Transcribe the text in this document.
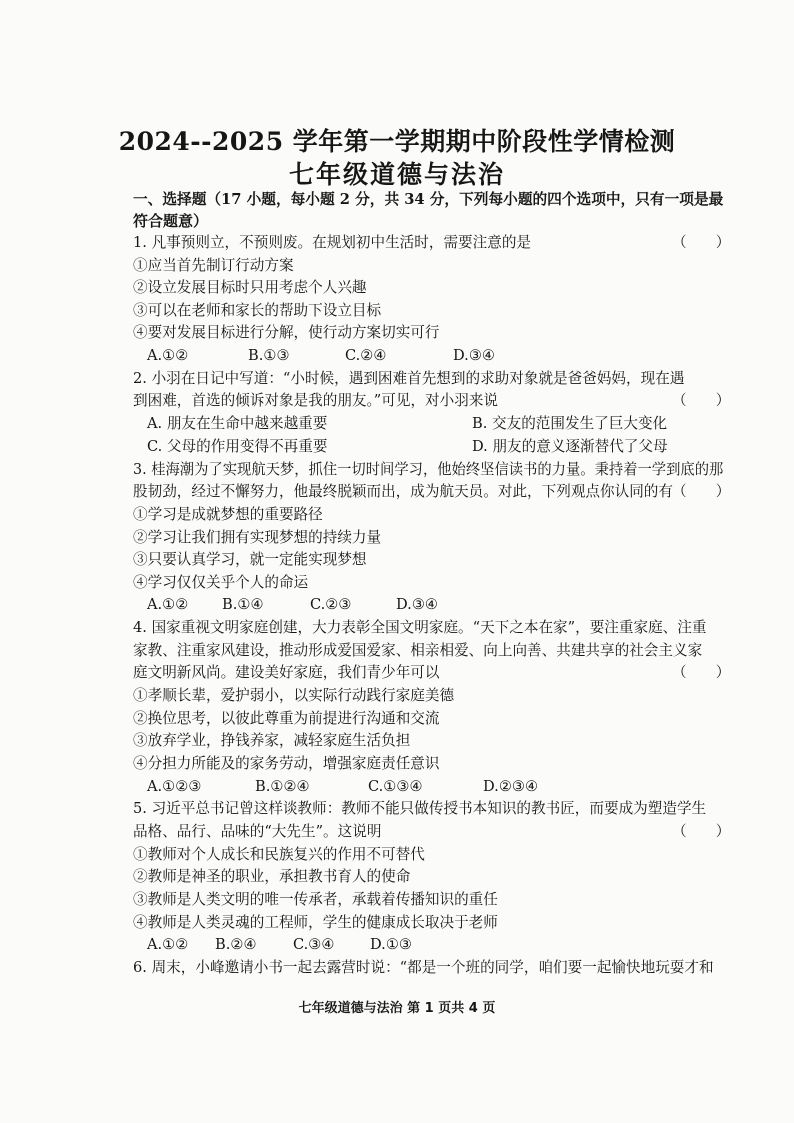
2024--2025 学年第一学期期中阶段性学情检测
七年级道德与法治
一、选择题（17 小题，每小题 2 分，共 34 分，下列每小题的四个选项中，只有一项是最
符合题意）
1. 凡事预则立，不预则废。在规划初中生活时，需要注意的是	（　　）
①应当首先制订行动方案
②设立发展目标时只用考虑个人兴趣
③可以在老师和家长的帮助下设立目标
④要对发展目标进行分解，使行动方案切实可行
A.①②	B.①③	C.②④	D.③④
2. 小羽在日记中写道：“小时候，遇到困难首先想到的求助对象就是爸爸妈妈，现在遇
到困难，首选的倾诉对象是我的朋友。”可见，对小羽来说	（　　）
A. 朋友在生命中越来越重要	B. 交友的范围发生了巨大变化
C. 父母的作用变得不再重要	D. 朋友的意义逐渐替代了父母
3. 桂海潮为了实现航天梦，抓住一切时间学习，他始终坚信读书的力量。秉持着一学到底的那
股韧劲，经过不懈努力，他最终脱颖而出，成为航天员。对此，下列观点你认同的有 （　　）
①学习是成就梦想的重要路径
②学习让我们拥有实现梦想的持续力量
③只要认真学习，就一定能实现梦想
④学习仅仅关乎个人的命运
A.①② B.①④	C.②③	D.③④
4. 国家重视文明家庭创建，大力表彰全国文明家庭。“天下之本在家”，要注重家庭、注重
家教、注重家风建设，推动形成爱国爱家、相亲相爱、向上向善、共建共享的社会主义家
庭文明新风尚。建设美好家庭，我们青少年可以	（　　）
①孝顺长辈，爱护弱小，以实际行动践行家庭美德
②换位思考，以彼此尊重为前提进行沟通和交流
③放弃学业，挣钱养家，减轻家庭生活负担
④分担力所能及的家务劳动，增强家庭责任意识
A.①②③	B.①②④	C.①③④	D.②③④
5. 习近平总书记曾这样谈教师：教师不能只做传授书本知识的教书匠，而要成为塑造学生
品格、品行、品味的“大先生”。这说明	（　　）
①教师对个人成长和民族复兴的作用不可替代
②教师是神圣的职业，承担教书育人的使命
③教师是人类文明的唯一传承者，承载着传播知识的重任
④教师是人类灵魂的工程师，学生的健康成长取决于老师
A.①② B.②④ C.③④ D.①③
6. 周末，小峰邀请小书一起去露营时说：“都是一个班的同学，咱们要一起愉快地玩耍才和
七年级道德与法治 第 1 页共 4 页
